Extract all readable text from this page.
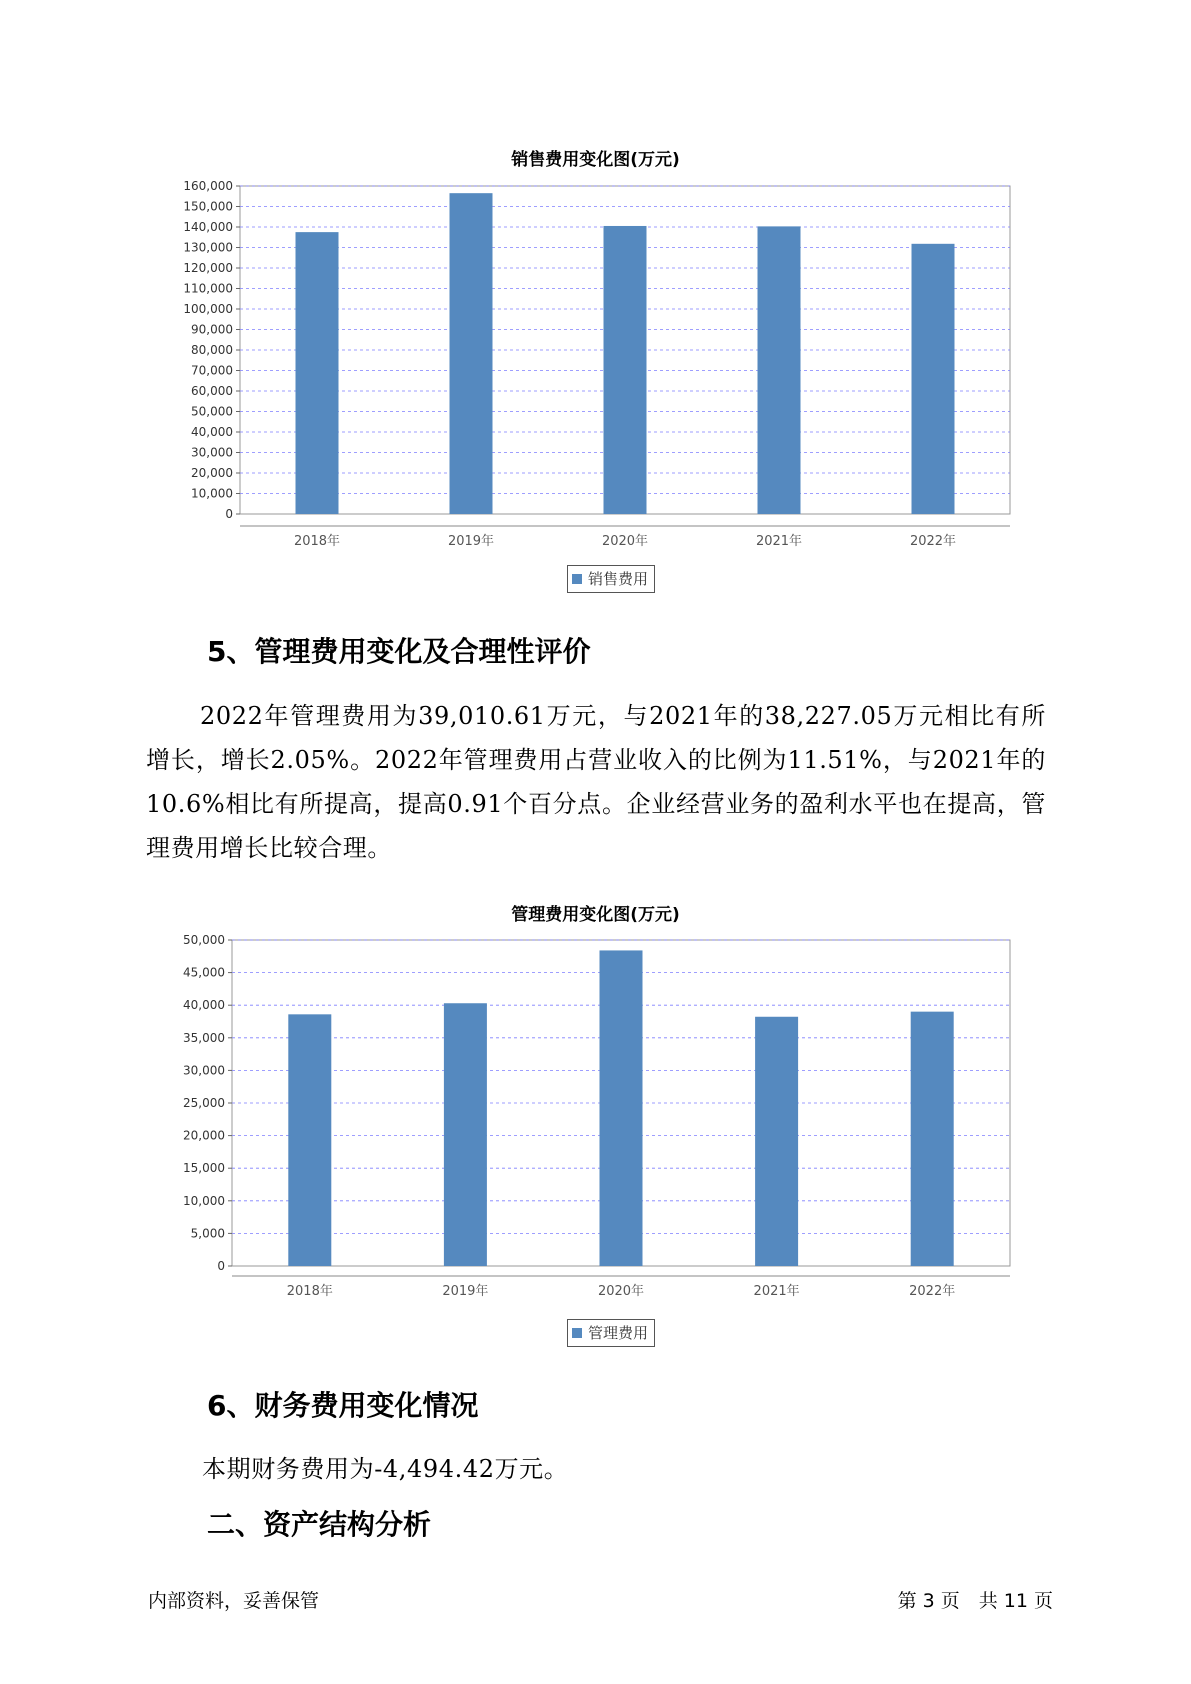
销售费用变化图(万元)
0
10,000
20,000
30,000
40,000
50,000
60,000
70,000
80,000
90,000
100,000
110,000
120,000
130,000
140,000
150,000
160,000
2018年	2019年	2020年	2021年	2022年
销售费用
5、管理费用变化及合理性评价

2022年管理费用为39,010.61万元，与2021年的38,227.05万元相比有所增长，增长2.05%。2022年管理费用占营业收入的比例为11.51%，与2021年的10.6%相比有所提高，提高0.91个百分点。企业经营业务的盈利水平也在提高，管理费用增长比较合理。

管理费用变化图(万元)
0
5,000
10,000
15,000
20,000
25,000
30,000
35,000
40,000
45,000
50,000
2018年	2019年	2020年	2021年	2022年
管理费用
6、财务费用变化情况

本期财务费用为-4,494.42万元。

二、资产结构分析
内部资料，妥善保管	第 3 页　共 11 页
